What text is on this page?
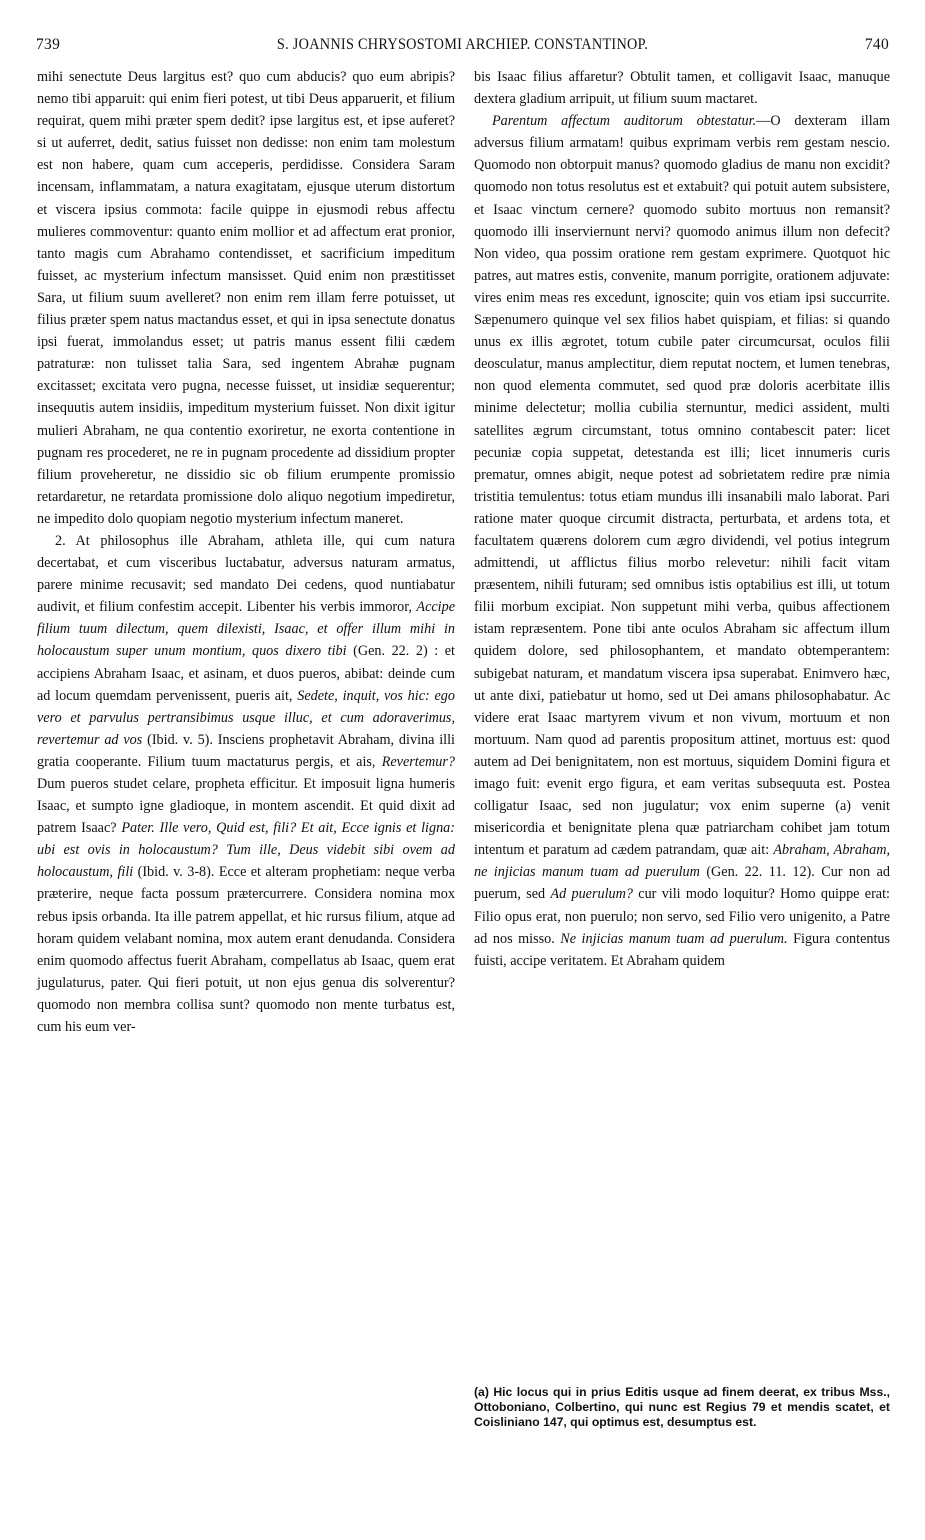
739	S. JOANNIS CHRYSOSTOMI ARCHIEP. CONSTANTINOP.	740

mihi senectute Deus largitus est? quo cum abducis? quo eum abripis? nemo tibi apparuit: qui enim fieri potest, ut tibi Deus apparuerit, et filium requirat, quem mihi præter spem dedit? ipse largitus est, et ipse auferet? si ut auferret, dedit, satius fuisset non dedisse: non enim tam molestum est non habere, quam cum acceperis, perdidisse. Considera Saram incensam, inflammatam, a natura exagitatam, ejusque uterum distortum et viscera ipsius commota: facile quippe in ejusmodi rebus affectu mulieres commoventur: quanto enim mollior et ad affectum erat pronior, tanto magis cum Abrahamo contendisset, et sacrificium impeditum fuisset, ac mysterium infectum mansisset. Quid enim non præstitisset Sara, ut filium suum avelleret? non enim rem illam ferre potuisset, ut filius præter spem natus mactandus esset, et qui in ipsa senectute donatus ipsi fuerat, immolandus esset; ut patris manus essent filii cædem patraturæ: non tulisset talia Sara, sed ingentem Abrahæ pugnam excitasset; excitata vero pugna, necesse fuisset, ut insidiæ sequerentur; insequutis autem insidiis, impeditum mysterium fuisset. Non dixit igitur mulieri Abraham, ne qua contentio exoriretur, ne exorta contentione in pugnam res procederet, ne re in pugnam procedente ad dissidium propter filium proveheretur, ne dissidio sic ob filium erumpente promissio retardaretur, ne retardata promissione dolo aliquo negotium impediretur, ne impedito dolo quopiam negotio mysterium infectum maneret.

2. At philosophus ille Abraham, athleta ille, qui cum natura decertabat, et cum visceribus luctabatur, adversus naturam armatus, parere minime recusavit; sed mandato Dei cedens, quod nuntiabatur audivit, et filium confestim accepit. Libenter his verbis immoror, Accipe filium tuum dilectum, quem dilexisti, Isaac, et offer illum mihi in holocaustum super unum montium, quos dixero tibi (Gen. 22. 2) : et accipiens Abraham Isaac, et asinam, et duos pueros, abibat: deinde cum ad locum quemdam pervenissent, pueris ait, Sedete, inquit, vos hic: ego vero et parvulus pertransibimus usque illuc, et cum adoraverimus, revertemur ad vos (Ibid. v. 5). Insciens prophetavit Abraham, divina illi gratia cooperante. Filium tuum mactaturus pergis, et ais, Revertemur? Dum pueros studet celare, propheta efficitur. Et imposuit ligna humeris Isaac, et sumpto igne gladioque, in montem ascendit. Et quid dixit ad patrem Isaac? Pater. Ille vero, Quid est, fili? Et ait, Ecce ignis et ligna: ubi est ovis in holocaustum? Tum ille, Deus videbit sibi ovem ad holocaustum, fili (Ibid. v. 3-8). Ecce et alteram prophetiam: neque verba præterire, neque facta possum prætercurrere. Considera nomina mox rebus ipsis orbanda. Ita ille patrem appellat, et hic rursus filium, atque ad horam quidem velabant nomina, mox autem erant denudanda. Considera enim quomodo affectus fuerit Abraham, compellatus ab Isaac, quem erat jugulaturus, pater. Qui fieri potuit, ut non ejus genua dis solverentur? quomodo non membra collisa sunt? quomodo non mente turbatus est, cum his eum ver-

bis Isaac filius affaretur? Obtulit tamen, et colligavit Isaac, manuque dextera gladium arripuit, ut filium suum mactaret.

Parentum affectum auditorum obtestatur.—O dexteram illam adversus filium armatam! quibus exprimam verbis rem gestam nescio. Quomodo non obtorpuit manus? quomodo gladius de manu non excidit? quomodo non totus resolutus est et extabuit? qui potuit autem subsistere, et Isaac vinctum cernere? quomodo subito mortuus non remansit? quomodo illi inserviernunt nervi? quomodo animus illum non defecit? Non video, qua possim oratione rem gestam exprimere. Quotquot hic patres, aut matres estis, convenite, manum porrigite, orationem adjuvate: vires enim meas res excedunt, ignoscite; quin vos etiam ipsi succurrite. Sæpenumero quinque vel sex filios habet quispiam, et filias: si quando unus ex illis ægrotet, totum cubile pater circumcursat, oculos filii deosculatur, manus amplectitur, diem reputat noctem, et lumen tenebras, non quod elementa commutet, sed quod præ doloris acerbitate illis minime delectetur; mollia cubilia sternuntur, medici assident, multi satellites ægrum circumstant, totus omnino contabescit pater: licet pecuniæ copia suppetat, detestanda est illi; licet innumeris curis prematur, omnes abigit, neque potest ad sobrietatem redire præ nimia tristitia temulentus: totus etiam mundus illi insanabili malo laborat. Pari ratione mater quoque circumit distracta, perturbata, et ardens tota, et facultatem quærens dolorem cum ægro dividendi, vel potius integrum admittendi, ut afflictus filius morbo relevetur: nihili facit vitam præsentem, nihili futuram; sed omnibus istis optabilius est illi, ut totum filii morbum excipiat. Non suppetunt mihi verba, quibus affectionem istam repræsentem. Pone tibi ante oculos Abraham sic affectum illum quidem dolore, sed philosophantem, et mandato obtemperantem: subigebat naturam, et mandatum viscera ipsa superabat. Enimvero hæc, ut ante dixi, patiebatur ut homo, sed ut Dei amans philosophabatur. Ac videre erat Isaac martyrem vivum et non vivum, mortuum et non mortuum. Nam quod ad parentis propositum attinet, mortuus est: quod autem ad Dei benignitatem, non est mortuus, siquidem Domini figura et imago fuit: evenit ergo figura, et eam veritas subsequuta est. Postea colligatur Isaac, sed non jugulatur; vox enim superne (a) venit misericordia et benignitate plena quæ patriarcham cohibet jam totum intentum et paratum ad cædem patrandam, quæ ait: Abraham, Abraham, ne injicias manum tuam ad puerulum (Gen. 22. 11. 12). Cur non ad puerum, sed Ad puerulum? cur vili modo loquitur? Homo quippe erat: Filio opus erat, non puerulo; non servo, sed Filio vero unigenito, a Patre ad nos misso. Ne injicias manum tuam ad puerulum. Figura contentus fuisti, accipe veritatem. Et Abraham quidem

(a) Hic locus qui in prius Editis usque ad finem deerat, ex tribus Mss., Ottoboniano, Colbertino, qui nunc est Regius 79 et mendis scatet, et Coisliniano 147, qui optimus est, desumptus est.
